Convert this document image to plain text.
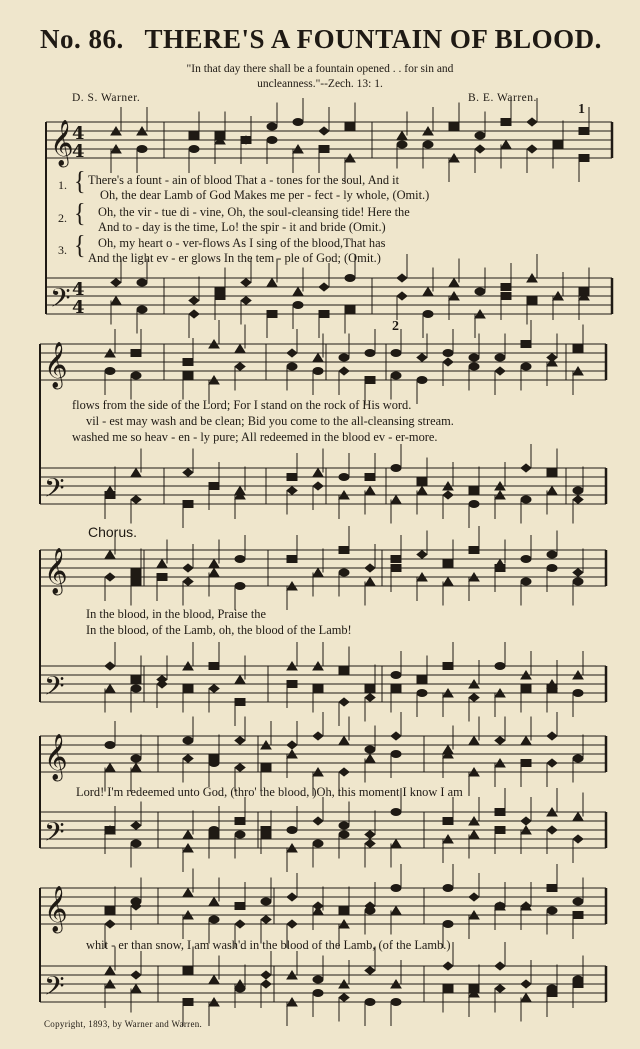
No. 86. THERE'S A FOUNTAIN OF BLOOD.
"In that day there shall be a fountain opened . . for sin and
uncleanness."--Zech. 13: 1.
D. S. Warner.	B. E. Warren.
𝄞
𝄢
𝄞
𝄢
𝄞
𝄢
𝄞
𝄢
𝄞
𝄢
4
4
4
4
1
2
1.
2.
3.
{
{
{
There's a fount - ain of blood That a - tones for the soul, And it
Oh, the dear Lamb of God Makes me per - fect - ly whole, (Omit.)
Oh, the vir - tue di - vine, Oh, the soul-cleansing tide! Here the
And to - day is the time, Lo! the spir - it and bride (Omit.)
Oh, my heart o - ver-flows As I sing of the blood,That has
And the light ev - er glows In the tem - ple of God; (Omit.)
flows from the side of the Lord; For I stand on the rock of His word.
vil - est may wash and be clean; Bid you come to the all-cleansing stream.
washed me so heav - en - ly pure; All redeemed in the blood ev - er-more.
Chorus.
In the blood, in the blood, Praise the
In the blood, of the Lamb, oh, the blood of the Lamb!
Lord! I'm redeemed unto God, (thro' the blood, )Oh, this moment I know I am
whit - er than snow, I am wash'd in the blood of the Lamb, (of the Lamb.)
Copyright, 1893, by Warner and Warren.
